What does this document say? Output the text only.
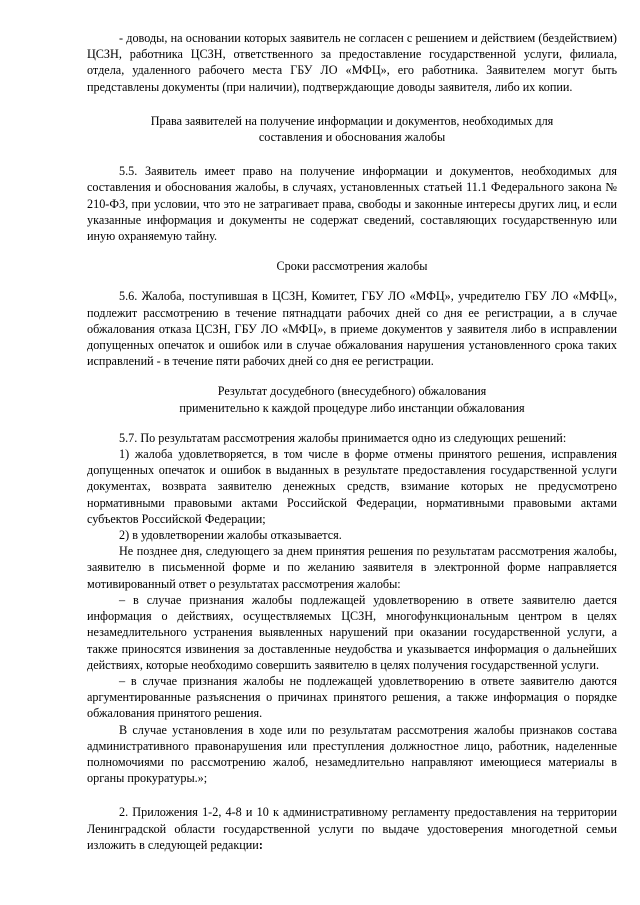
- доводы, на основании которых заявитель не согласен с решением и действием (бездействием) ЦСЗН, работника ЦСЗН, ответственного за предоставление государственной услуги, филиала, отдела, удаленного рабочего места ГБУ ЛО «МФЦ», его работника. Заявителем могут быть представлены документы (при наличии), подтверждающие доводы заявителя, либо их копии.

Права заявителей на получение информации и документов, необходимых для

составления и обоснования жалобы

5.5. Заявитель имеет право на получение информации и документов, необходимых для составления и обоснования жалобы, в случаях, установленных статьей 11.1 Федерального закона № 210-ФЗ, при условии, что это не затрагивает права, свободы и законные интересы других лиц, и если указанные информация и документы не содержат сведений, составляющих государственную или иную охраняемую тайну.

Сроки рассмотрения жалобы

5.6. Жалоба, поступившая в ЦСЗН, Комитет, ГБУ ЛО «МФЦ», учредителю ГБУ ЛО «МФЦ», подлежит рассмотрению в течение пятнадцати рабочих дней со дня ее регистрации, а в случае обжалования отказа ЦСЗН, ГБУ ЛО «МФЦ», в приеме документов у заявителя либо в исправлении допущенных опечаток и ошибок или в случае обжалования нарушения установленного срока таких исправлений - в течение пяти рабочих дней со дня ее регистрации.

Результат досудебного (внесудебного) обжалования

применительно к каждой процедуре либо инстанции обжалования

5.7. По результатам рассмотрения жалобы принимается одно из следующих решений:

1) жалоба удовлетворяется, в том числе в форме отмены принятого решения, исправления допущенных опечаток и ошибок в выданных в результате предоставления государственной услуги документах, возврата заявителю денежных средств, взимание которых не предусмотрено нормативными правовыми актами Российской Федерации, нормативными правовыми актами субъектов Российской Федерации;

2) в удовлетворении жалобы отказывается.

Не позднее дня, следующего за днем принятия решения по результатам рассмотрения жалобы, заявителю в письменной форме и по желанию заявителя в электронной форме направляется мотивированный ответ о результатах рассмотрения жалобы:

– в случае признания жалобы подлежащей удовлетворению в ответе заявителю дается информация о действиях, осуществляемых ЦСЗН, многофункциональным центром в целях незамедлительного устранения выявленных нарушений при оказании государственной услуги, а также приносятся извинения за доставленные неудобства и указывается информация о дальнейших действиях, которые необходимо совершить заявителю в целях получения государственной услуги.

– в случае признания жалобы не подлежащей удовлетворению в ответе заявителю даются аргументированные разъяснения о причинах принятого решения, а также информация о порядке обжалования принятого решения.

В случае установления в ходе или по результатам рассмотрения жалобы признаков состава административного правонарушения или преступления должностное лицо, работник, наделенные полномочиями по рассмотрению жалоб, незамедлительно направляют имеющиеся материалы в органы прокуратуры.»;

2. Приложения 1-2, 4-8 и 10 к административному регламенту предоставления на территории Ленинградской области государственной услуги по выдаче удостоверения многодетной семьи изложить в следующей редакции:
